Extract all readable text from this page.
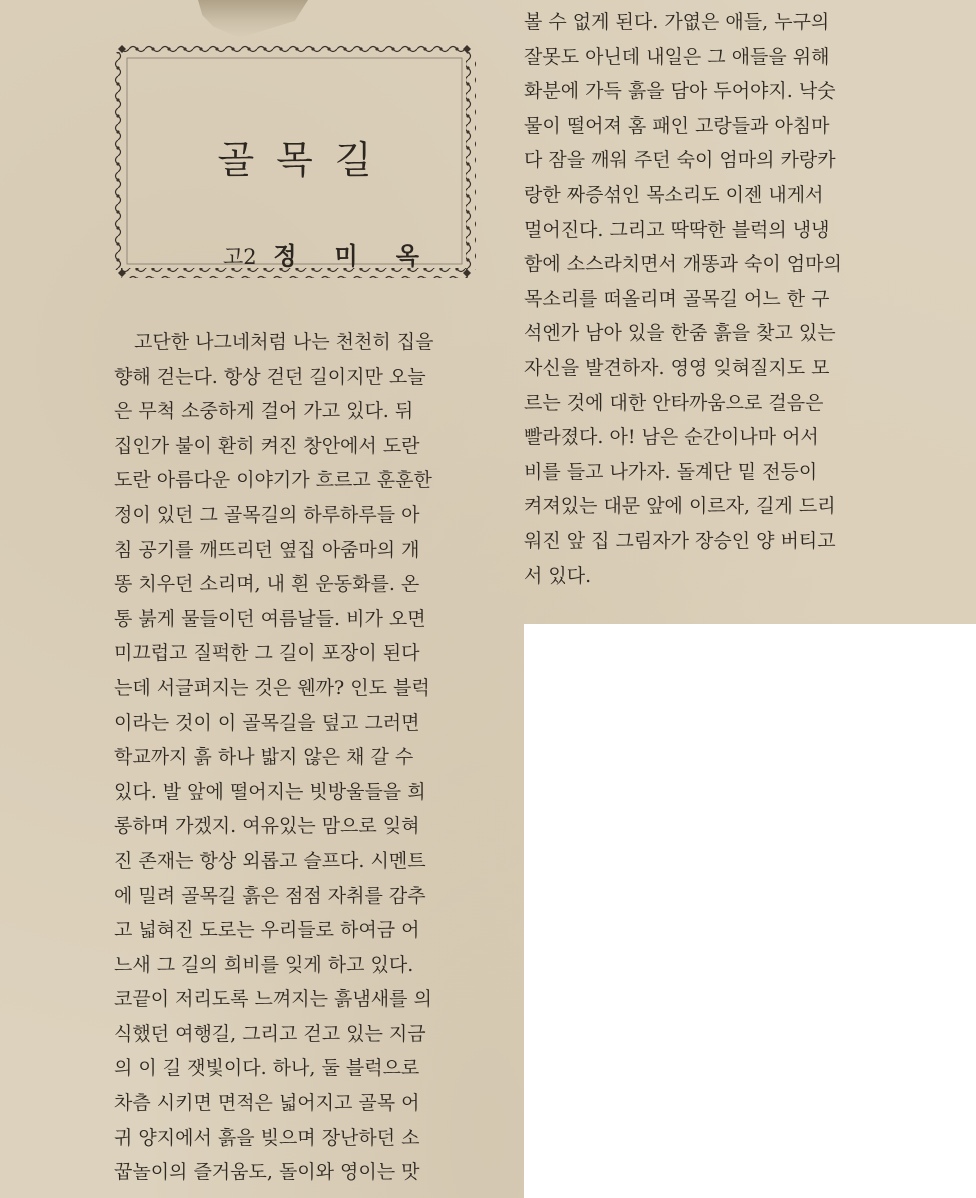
골목길
고2 정미옥
고단한 나그네처럼 나는 천천히 집을
향해 걷는다. 항상 걷던 길이지만 오늘
은 무척 소중하게 걸어 가고 있다. 뒤
집인가 불이 환히 켜진 창안에서 도란
도란 아름다운 이야기가 흐르고 훈훈한
정이 있던 그 골목길의 하루하루들 아
침 공기를 깨뜨리던 옆집 아줌마의 개
똥 치우던 소리며, 내 흰 운동화를. 온
통 붉게 물들이던 여름날들. 비가 오면
미끄럽고 질퍽한 그 길이 포장이 된다
는데 서글퍼지는 것은 웬까? 인도 블럭
이라는 것이 이 골목길을 덮고 그러면
학교까지 흙 하나 밟지 않은 채 갈 수
있다. 발 앞에 떨어지는 빗방울들을 희
롱하며 가겠지. 여유있는 맘으로 잊혀
진 존재는 항상 외롭고 슬프다. 시멘트
에 밀려 골목길 흙은 점점 자취를 감추
고 넓혀진 도로는 우리들로 하여금 어
느새 그 길의 희비를 잊게 하고 있다.
코끝이 저리도록 느껴지는 흙냄새를 의
식했던 여행길, 그리고 걷고 있는 지금
의 이 길 잿빛이다. 하나, 둘 블럭으로
차츰 시키면 면적은 넓어지고 골목 어
귀 양지에서 흙을 빚으며 장난하던 소
꿉놀이의 즐거움도, 돌이와 영이는 맛
볼 수 없게 된다. 가엾은 애들, 누구의
잘못도 아닌데 내일은 그 애들을 위해
화분에 가득 흙을 담아 두어야지. 낙숫
물이 떨어져 홈 패인 고랑들과 아침마
다 잠을 깨워 주던 숙이 엄마의 카랑카
랑한 짜증섞인 목소리도 이젠 내게서
멀어진다. 그리고 딱딱한 블럭의 냉냉
함에 소스라치면서 개똥과 숙이 엄마의
목소리를 떠올리며 골목길 어느 한 구
석엔가 남아 있을 한줌 흙을 찾고 있는
자신을 발견하자. 영영 잊혀질지도 모
르는 것에 대한 안타까움으로 걸음은
빨라졌다. 아! 남은 순간이나마 어서
비를 들고 나가자. 돌계단 밑 전등이
켜져있는 대문 앞에 이르자, 길게 드리
워진 앞 집 그림자가 장승인 양 버티고
서 있다.
